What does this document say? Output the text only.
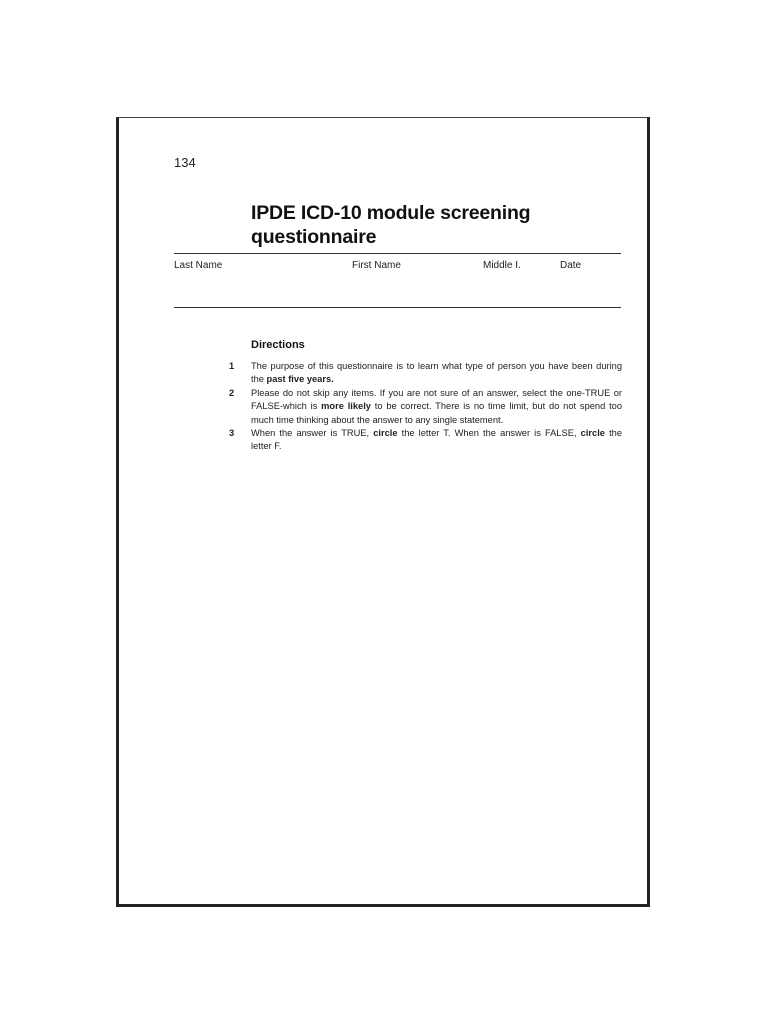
134
IPDE ICD-10 module screening questionnaire
Last Name	First Name	Middle I.	Date
Directions
1 The purpose of this questionnaire is to learn what type of person you have been during the past five years.
2 Please do not skip any items. If you are not sure of an answer, select the one-TRUE or FALSE-which is more likely to be correct. There is no time limit, but do not spend too much time thinking about the answer to any single statement.
3 When the answer is TRUE, circle the letter T. When the answer is FALSE, circle the letter F.
